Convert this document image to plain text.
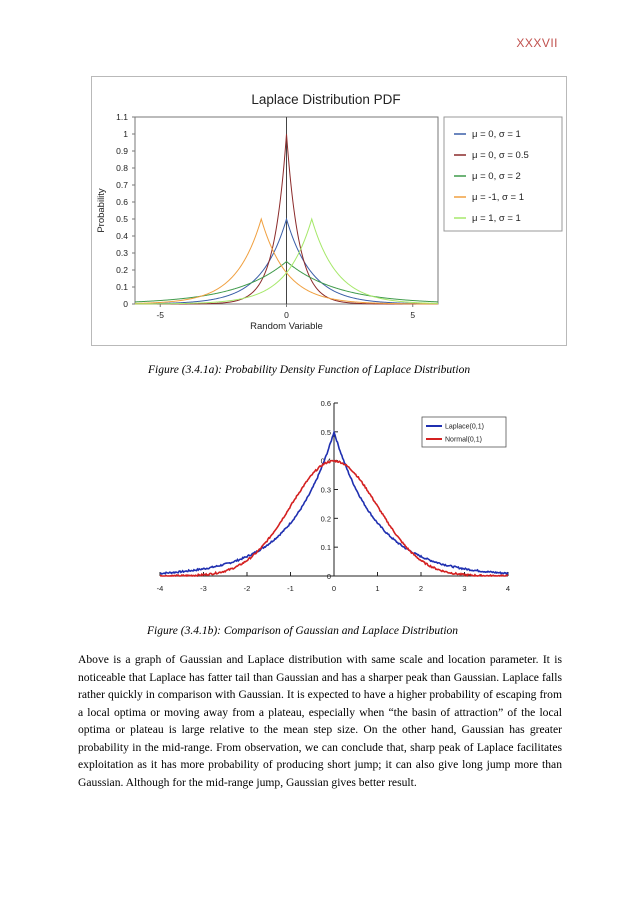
XXXVII
Laplace Distribution PDF
0
0.1
0.2
0.3
0.4
0.5
0.6
0.7
0.8
0.9
1
1.1
-5	0	5
Random Variable
Probability
μ = 0, σ = 1
μ = 0, σ = 0.5
μ = 0, σ = 2
μ = -1, σ = 1
μ = 1, σ = 1
Figure (3.4.1a): Probability Density Function of Laplace Distribution
0
0.1
0.2
0.3
0.4
0.5
0.6
-4	-3	-2	-1	0	1	2	3	4
Laplace(0,1)
Normal(0,1)
Figure (3.4.1b): Comparison of Gaussian and Laplace Distribution
Above is a graph of Gaussian and Laplace distribution with same scale and location parameter. It is noticeable that Laplace has fatter tail than Gaussian and has a sharper peak than Gaussian. Laplace falls rather quickly in comparison with Gaussian. It is expected to have a higher probability of escaping from a local optima or moving away from a plateau, especially when “the basin of attraction” of the local optima or plateau is large relative to the mean step size. On the other hand, Gaussian has greater probability in the mid-range. From observation, we can conclude that, sharp peak of Laplace facilitates exploitation as it has more probability of producing short jump; it can also give long jump more than Gaussian. Although for the mid-range jump, Gaussian gives better result.
